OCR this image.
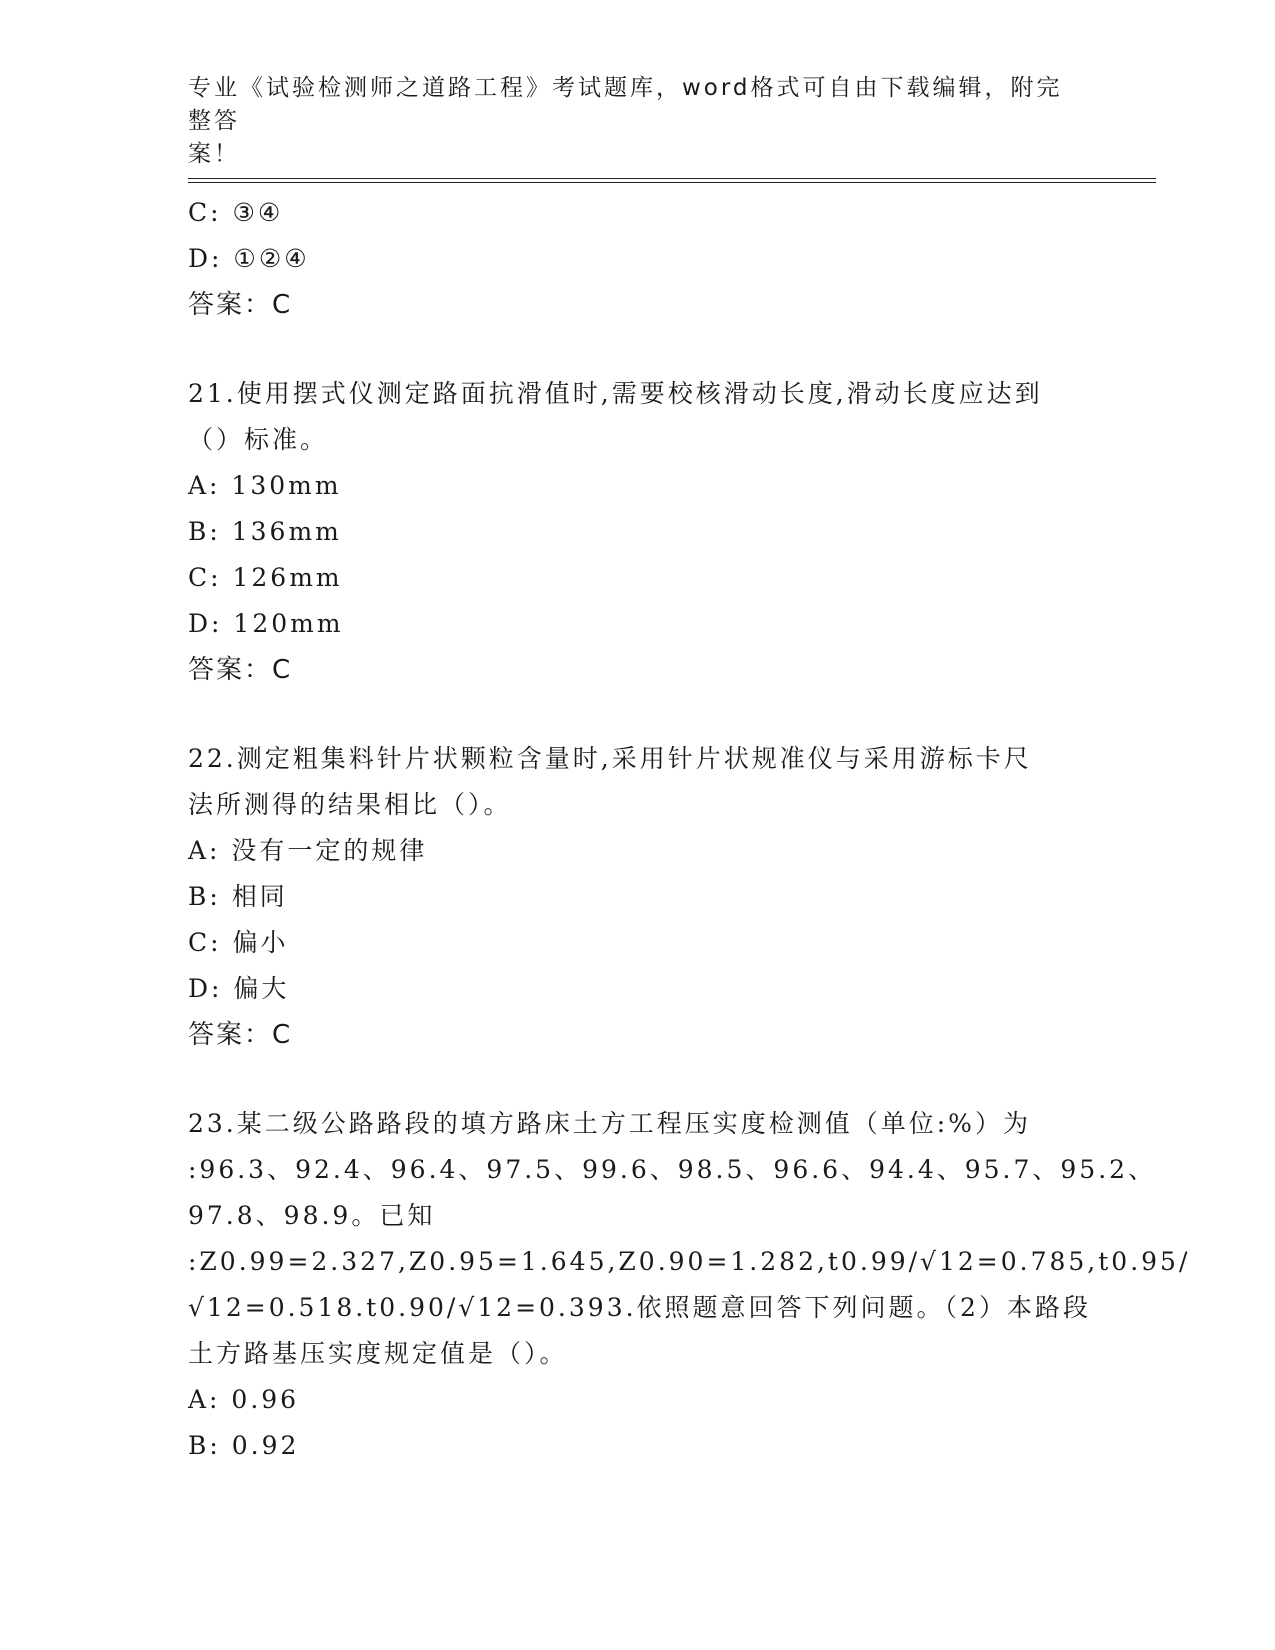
专业《试验检测师之道路工程》考试题库，word格式可自由下载编辑，附完整答
案！
C: ③④
D: ①②④
答案：C
21.使用摆式仪测定路面抗滑值时,需要校核滑动长度,滑动长度应达到
（）标准。
A: 130mm
B: 136mm
C: 126mm
D: 120mm
答案：C
22.测定粗集料针片状颗粒含量时,采用针片状规准仪与采用游标卡尺
法所测得的结果相比（）。
A: 没有一定的规律
B: 相同
C: 偏小
D: 偏大
答案：C
23.某二级公路路段的填方路床土方工程压实度检测值（单位:%）为
:96.3、92.4、96.4、97.5、99.6、98.5、96.6、94.4、95.7、95.2、
97.8、98.9。已知
:Z0.99=2.327,Z0.95=1.645,Z0.90=1.282,t0.99/√12=0.785,t0.95/
√12=0.518.t0.90/√12=0.393.依照题意回答下列问题。（2）本路段
土方路基压实度规定值是（）。
A: 0.96
B: 0.92
